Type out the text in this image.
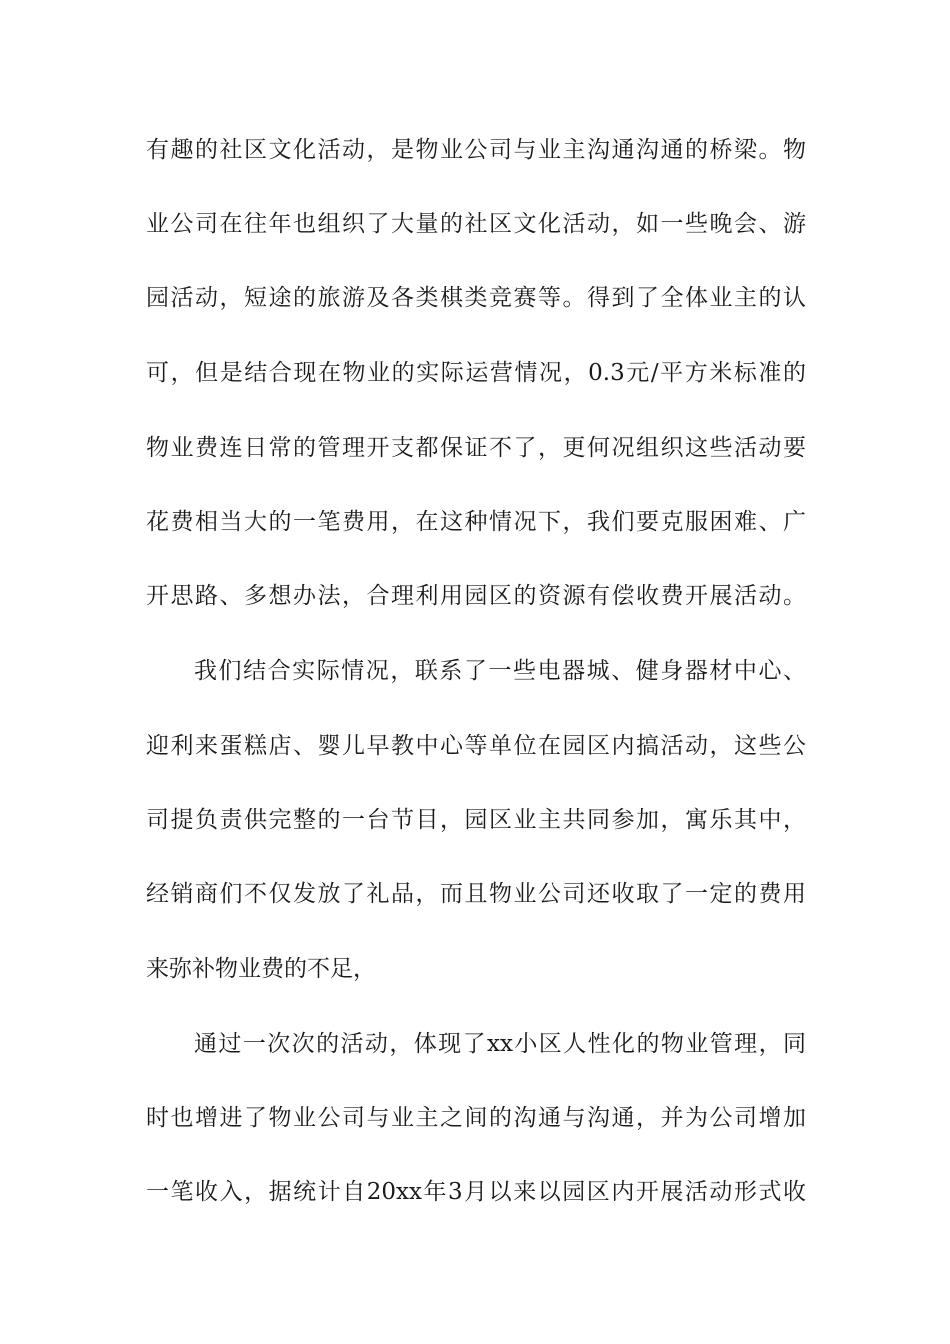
有趣的社区文化活动，是物业公司与业主沟通沟通的桥梁。物
业公司在往年也组织了大量的社区文化活动，如一些晚会、游
园活动，短途的旅游及各类棋类竞赛等。得到了全体业主的认
可，但是结合现在物业的实际运营情况，0.3元/平方米标准的
物业费连日常的管理开支都保证不了，更何况组织这些活动要
花费相当大的一笔费用，在这种情况下，我们要克服困难、广
开思路、多想办法，合理利用园区的资源有偿收费开展活动。
我们结合实际情况，联系了一些电器城、健身器材中心、
迎利来蛋糕店、婴儿早教中心等单位在园区内搞活动，这些公
司提负责供完整的一台节目，园区业主共同参加，寓乐其中，
经销商们不仅发放了礼品，而且物业公司还收取了一定的费用
来弥补物业费的不足，
通过一次次的活动，体现了xx小区人性化的物业管理，同
时也增进了物业公司与业主之间的沟通与沟通，并为公司增加
一笔收入，据统计自20xx年3月以来以园区内开展活动形式收
